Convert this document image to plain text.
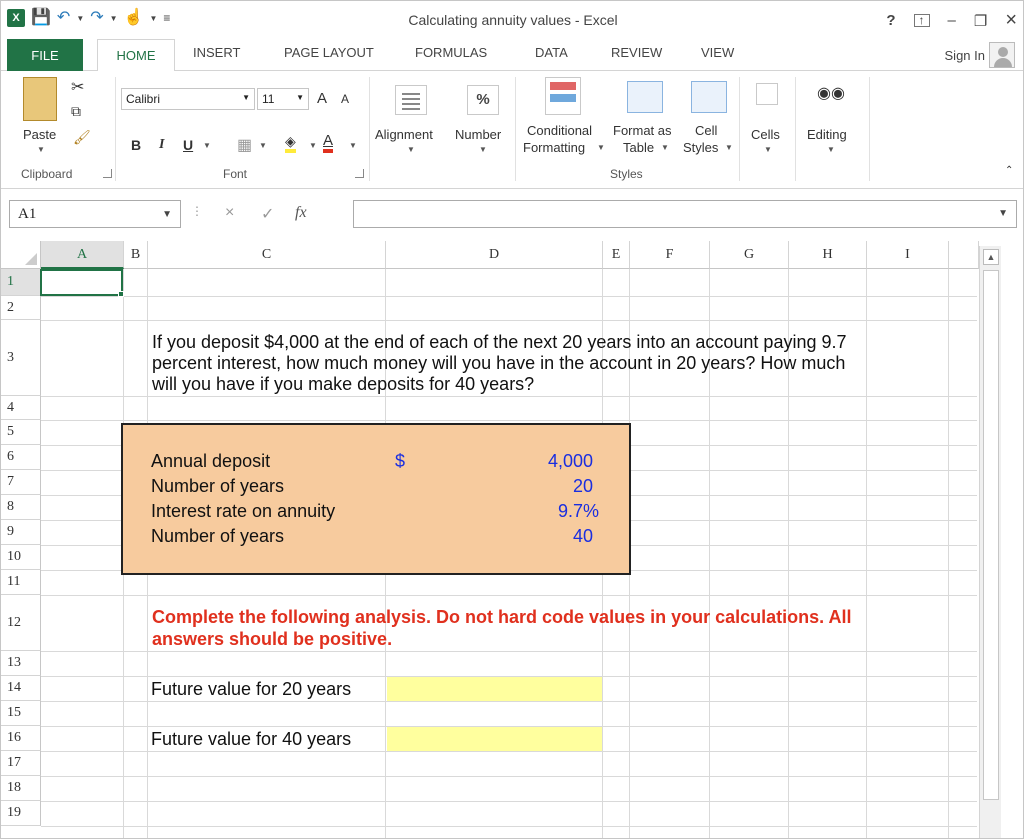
X 💾 ↶ ▼ ↷ ▼ ☝ ▼ ≡	Calculating annuity values - Excel	?	↑	– ❐ ×
FILE	HOME	INSERT	PAGE LAYOUT	FORMULAS	DATA	REVIEW	VIEW	Sign In
Paste
▼
✂
⧉
🖌
Clipboard
Calibri	▼	11	▼ A A
B I U ▼ ▦ ▼ ◈ ▼ A ▼
Font
Alignment
▼
%
Number
▼
Conditional
Formatting ▼
Format as
Table ▼
Cell
Styles ▼
Styles
Cells
▼
◉◉
Editing
▼
⌃
A1	▼ ⋮ × ✓ fx	▼
A	B	C	D	E	F	G	H	I
1
2
3
4
5
6
7
8
9
10
11
12
13
14
15
16
17
18
19
If you deposit $4,000 at the end of each of the next 20 years into an account paying 9.7
percent interest, how much money will you have in the account in 20 years? How much
will you have if you make deposits for 40 years?
Complete the following analysis. Do not hard code values in your calculations. All
answers should be positive.
Future value for 20 years
Future value for 40 years
Annual deposit	$	4,000
Number of years	20
Interest rate on annuity	9.7%
Number of years	40
▲
